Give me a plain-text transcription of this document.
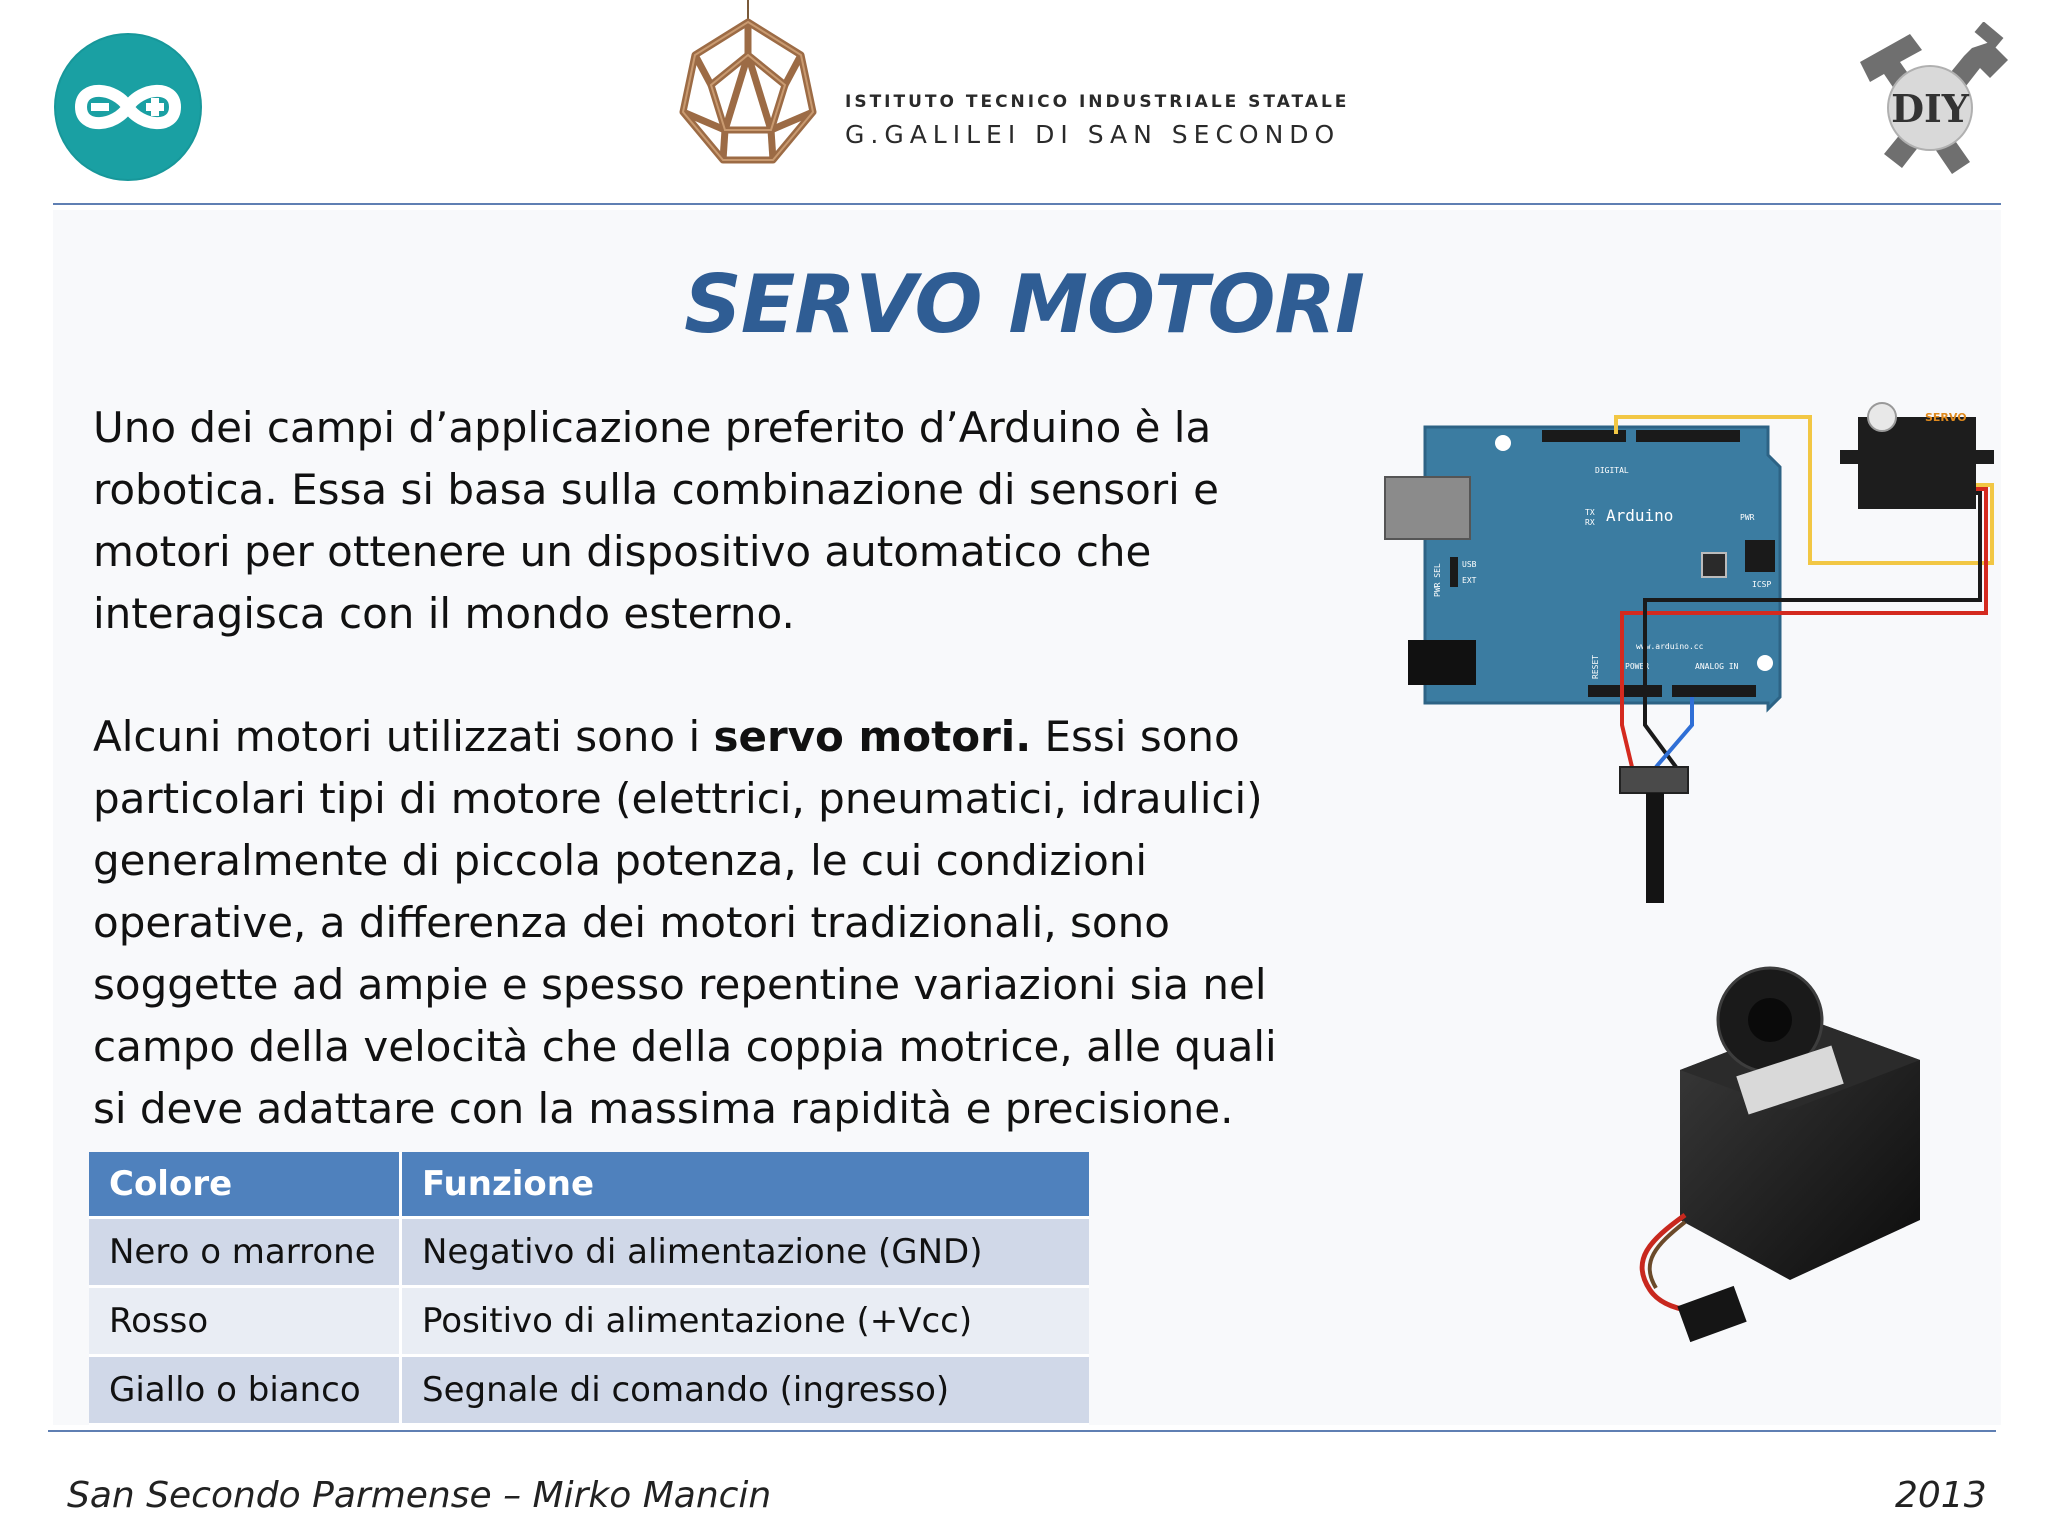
ISTITUTO TECNICO INDUSTRIALE STATALE
G.GALILEI DI SAN SECONDO
DIY
SERVO MOTORI
Uno dei campi d’applicazione preferito d’Arduino è la robotica. Essa si basa sulla combinazione di sensori e motori per ottenere un dispositivo automatico che interagisca con il mondo esterno.
Alcuni motori utilizzati sono i servo motori. Essi sono particolari tipi di motore (elettrici, pneumatici, idraulici) generalmente di piccola potenza, le cui condizioni operative, a differenza dei motori tradizionali, sono soggette ad ampie e spesso repentine variazioni sia nel campo della velocità che della coppia motrice, alle quali si deve adattare con la massima rapidità e precisione.
Arduino
DIGITAL
TX
RX
PWR
ICSP
USB
EXT
PWR SEL
www.arduino.cc
POWER	ANALOG IN
RESET
SERVO
Colore	Funzione
Nero o marrone	Negativo di alimentazione (GND)
Rosso	Positivo di alimentazione (+Vcc)
Giallo o bianco	Segnale di comando (ingresso)
San Secondo Parmense – Mirko Mancin	2013
